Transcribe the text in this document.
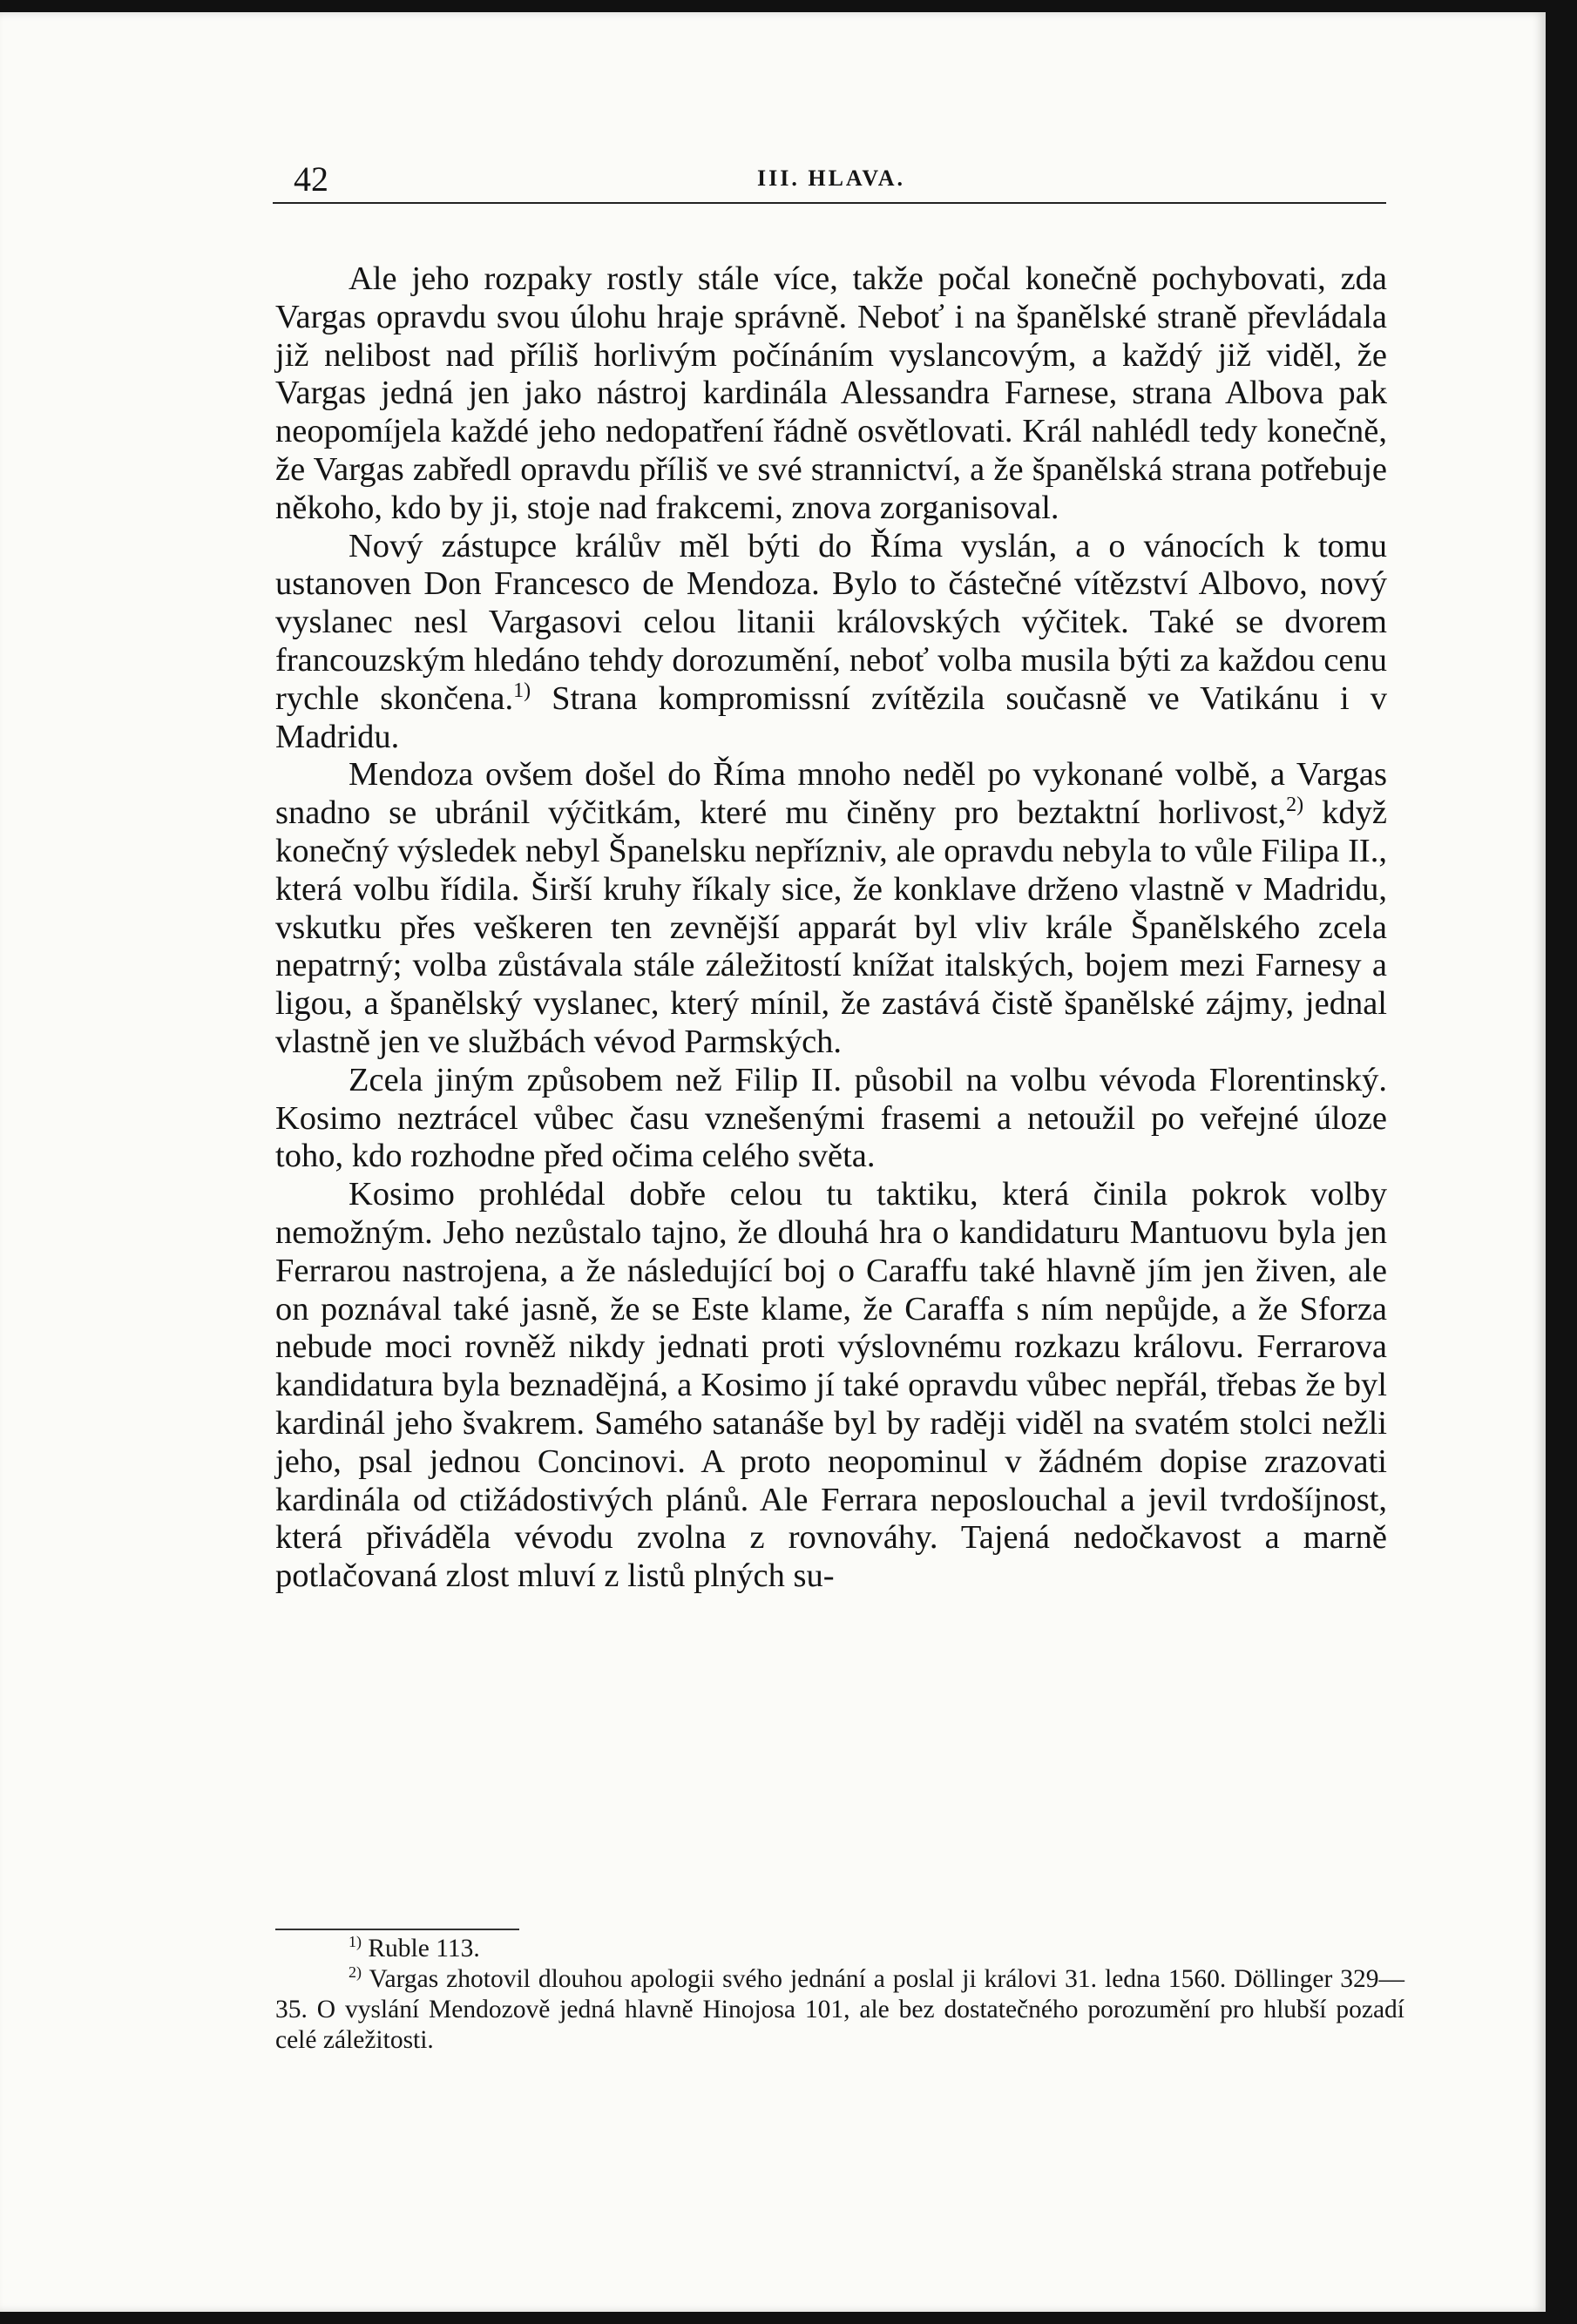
42	III. HLAVA.

Ale jeho rozpaky rostly stále více, takže počal konečně pochybovati, zda Vargas opravdu svou úlohu hraje správně. Neboť i na španělské straně převládala již nelibost nad příliš horlivým počínáním vyslancovým, a každý již viděl, že Vargas jedná jen jako nástroj kardinála Alessandra Farnese, strana Albova pak neopomíjela každé jeho nedopatření řádně osvětlovati. Král nahlédl tedy konečně, že Vargas zabředl opravdu příliš ve své strannictví, a že španělská strana potřebuje někoho, kdo by ji, stoje nad frakcemi, znova zorganisoval.

Nový zástupce králův měl býti do Říma vyslán, a o vánocích k tomu ustanoven Don Francesco de Mendoza. Bylo to částečné vítězství Albovo, nový vyslanec nesl Vargasovi celou litanii královských výčitek. Také se dvorem francouzským hledáno tehdy dorozumění, neboť volba musila býti za každou cenu rychle skončena.$^{1)}$ Strana kompromissní zvítězila současně ve Vatikánu i v Madridu.

Mendoza ovšem došel do Říma mnoho neděl po vykonané volbě, a Vargas snadno se ubránil výčitkám, které mu činěny pro beztaktní horlivost,$^{2)}$ když konečný výsledek nebyl Španelsku nepřízniv, ale opravdu nebyla to vůle Filipa II., která volbu řídila. Širší kruhy říkaly sice, že konklave drženo vlastně v Madridu, vskutku přes veškeren ten zevnější apparát byl vliv krále Španělského zcela nepatrný; volba zůstávala stále záležitostí knížat italských, bojem mezi Farnesy a ligou, a španělský vyslanec, který mínil, že zastává čistě španělské zájmy, jednal vlastně jen ve službách vévod Parmských.

Zcela jiným způsobem než Filip II. působil na volbu vévoda Florentinský. Kosimo neztrácel vůbec času vznešenými frasemi a netoužil po veřejné úloze toho, kdo rozhodne před očima celého světa.

Kosimo prohlédal dobře celou tu taktiku, která činila pokrok volby nemožným. Jeho nezůstalo tajno, že dlouhá hra o kandidaturu Mantuovu byla jen Ferrarou nastrojena, a že následující boj o Caraffu také hlavně jím jen živen, ale on poznával také jasně, že se Este klame, že Caraffa s ním nepůjde, a že Sforza nebude moci rovněž nikdy jednati proti výslovnému rozkazu královu. Ferrarova kandidatura byla beznadějná, a Kosimo jí také opravdu vůbec nepřál, třebas že byl kardinál jeho švakrem. Samého satanáše byl by raději viděl na svatém stolci nežli jeho, psal jednou Concinovi. A proto neopominul v žádném dopise zrazovati kardinála od ctižádostivých plánů. Ale Ferrara neposlouchal a jevil tvrdošíjnost, která přiváděla vévodu zvolna z rovnováhy. Tajená nedočkavost a marně potlačovaná zlost mluví z listů plných su-

$^{1)}$ Ruble 113.

$^{2)}$ Vargas zhotovil dlouhou apologii svého jednání a poslal ji královi 31. ledna 1560. Döllinger 329—35. O vyslání Mendozově jedná hlavně Hinojosa 101, ale bez dostatečného porozumění pro hlubší pozadí celé záležitosti.
